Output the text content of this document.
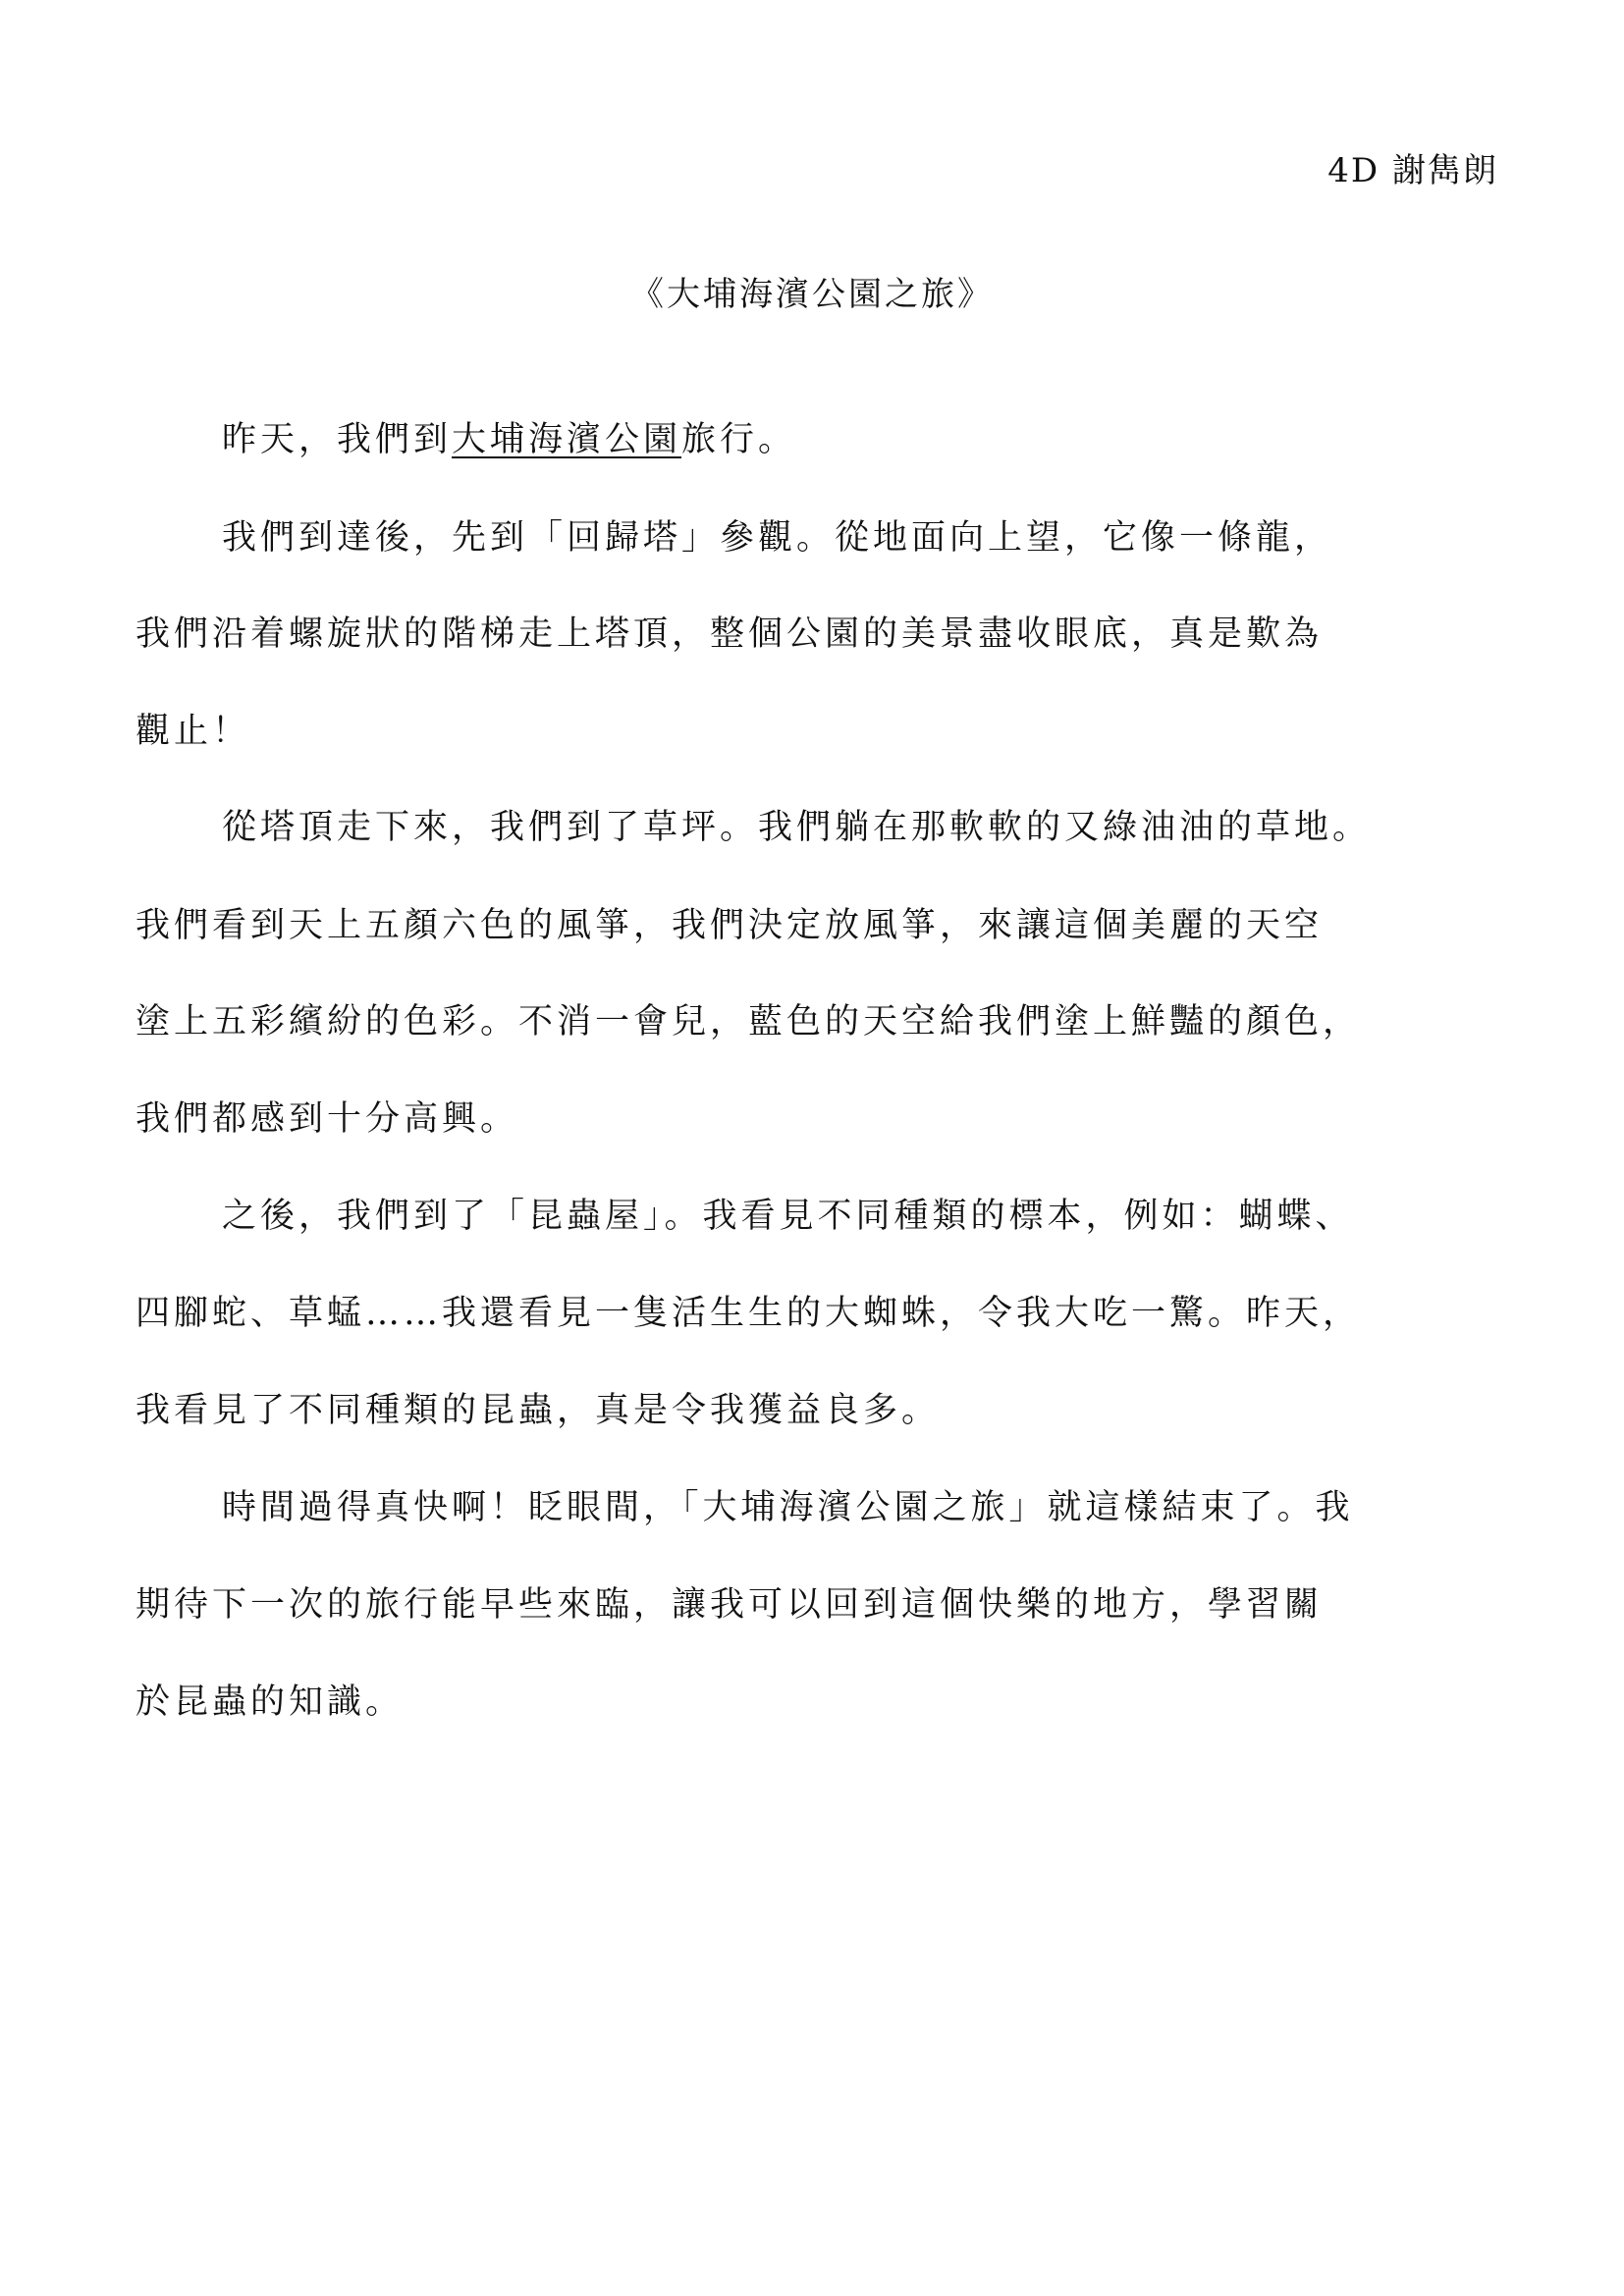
4D 謝雋朗
《大埔海濱公園之旅》
昨天，我們到大埔海濱公園旅行。
我們到達後，先到「回歸塔」參觀。從地面向上望，它像一條龍，
我們沿着螺旋狀的階梯走上塔頂，整個公園的美景盡收眼底，真是歎為
觀止！
從塔頂走下來，我們到了草坪。我們躺在那軟軟的又綠油油的草地。
我們看到天上五顏六色的風箏，我們決定放風箏，來讓這個美麗的天空
塗上五彩繽紛的色彩。不消一會兒，藍色的天空給我們塗上鮮豔的顏色，
我們都感到十分高興。
之後，我們到了「昆蟲屋」。我看見不同種類的標本，例如：蝴蝶、
四腳蛇、草蜢……我還看見一隻活生生的大蜘蛛，令我大吃一驚。昨天，
我看見了不同種類的昆蟲，真是令我獲益良多。
時間過得真快啊！眨眼間，「大埔海濱公園之旅」就這樣結束了。我
期待下一次的旅行能早些來臨，讓我可以回到這個快樂的地方，學習關
於昆蟲的知識。
